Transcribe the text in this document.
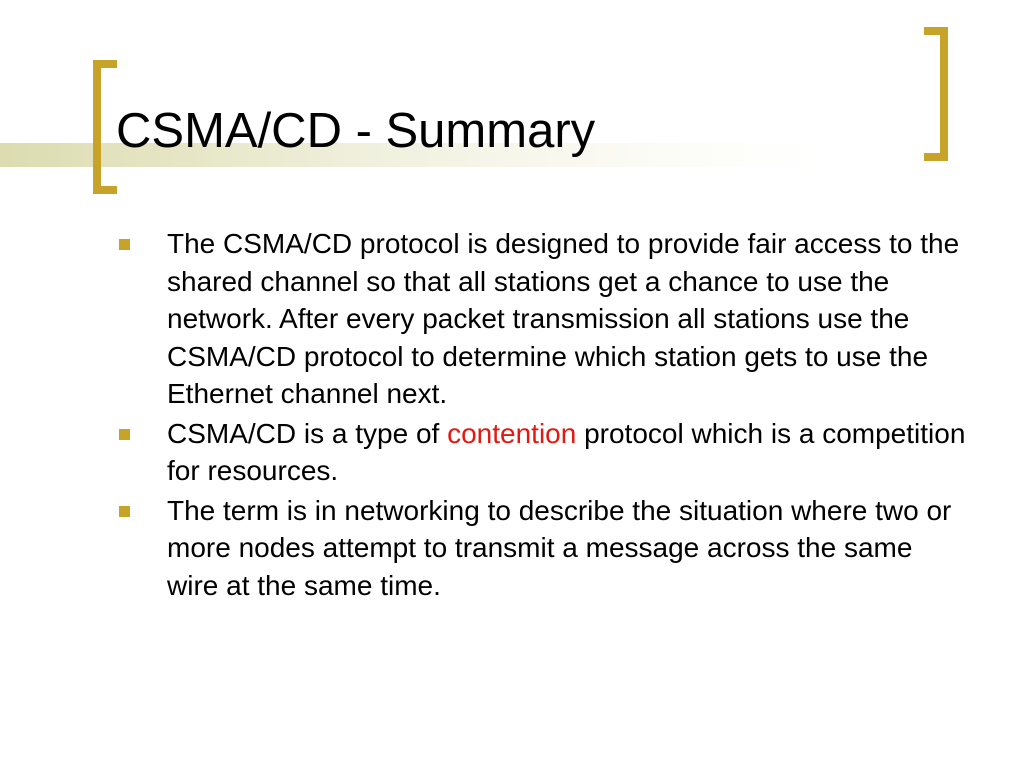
CSMA/CD - Summary
The CSMA/CD protocol is designed to provide fair access to the shared channel so that all stations get a chance to use the network. After every packet transmission all stations use the CSMA/CD protocol to determine which station gets to use the Ethernet channel next.
CSMA/CD is a type of contention protocol which is a competition for resources.
The term is in networking to describe the situation where two or more nodes attempt to transmit a message across the same wire at the same time.
